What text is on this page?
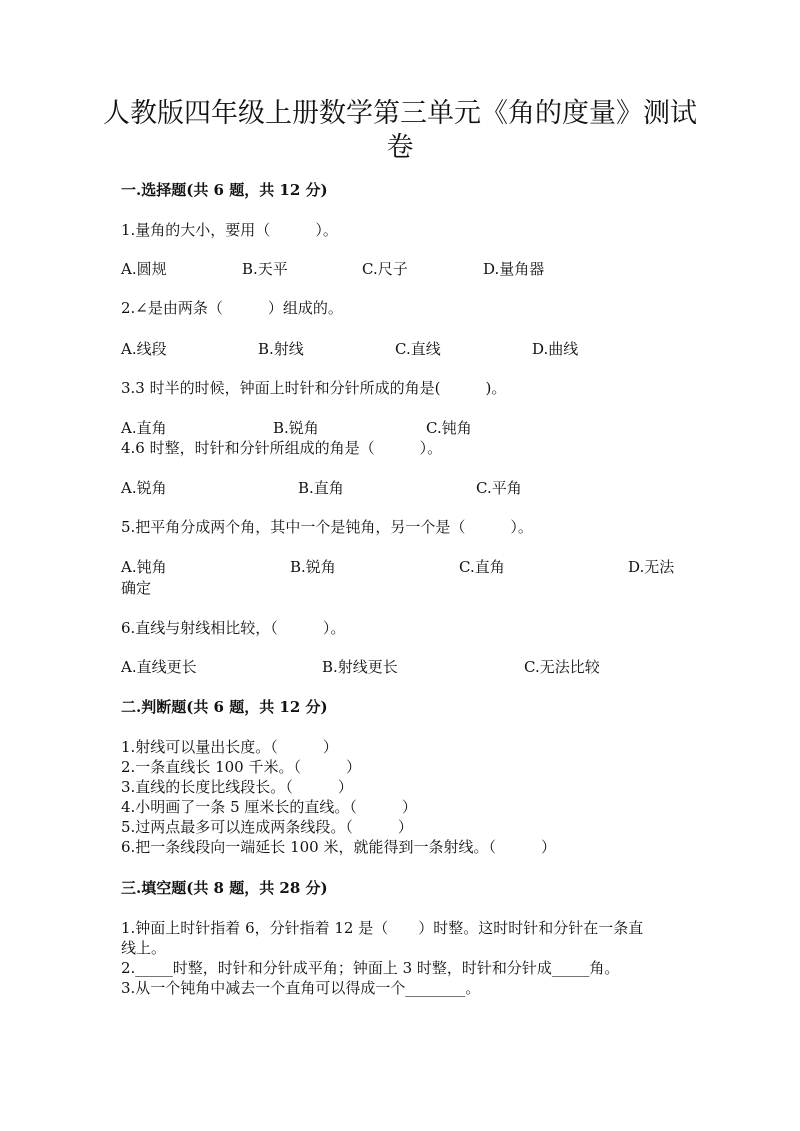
人教版四年级上册数学第三单元《角的度量》测试
卷
一.选择题(共 6 题，共 12 分)
1.量角的大小，要用（　　　）。
A.圆规	B.天平	C.尺子	D.量角器
2.∠是由两条（　　　）组成的。
A.线段	B.射线	C.直线	D.曲线
3.3 时半的时候，钟面上时针和分针所成的角是(　　　)。
A.直角	B.锐角	C.钝角
4.6 时整，时针和分针所组成的角是（　　　）。
A.锐角	B.直角	C.平角
5.把平角分成两个角，其中一个是钝角，另一个是（　　　）。
A.钝角	B.锐角	C.直角	D.无法
确定
6.直线与射线相比较，（　　　）。
A.直线更长	B.射线更长	C.无法比较
二.判断题(共 6 题，共 12 分)
1.射线可以量出长度。（　　　）
2.一条直线长 100 千米。（　　　）
3.直线的长度比线段长。（　　　）
4.小明画了一条 5 厘米长的直线。（　　　）
5.过两点最多可以连成两条线段。（　　　）
6.把一条线段向一端延长 100 米，就能得到一条射线。（　　　）
三.填空题(共 8 题，共 28 分)
1.钟面上时针指着 6，分针指着 12 是（　　）时整。这时时针和分针在一条直
线上。
2._____时整，时针和分针成平角；钟面上 3 时整，时针和分针成_____角。
3.从一个钝角中减去一个直角可以得成一个________。
